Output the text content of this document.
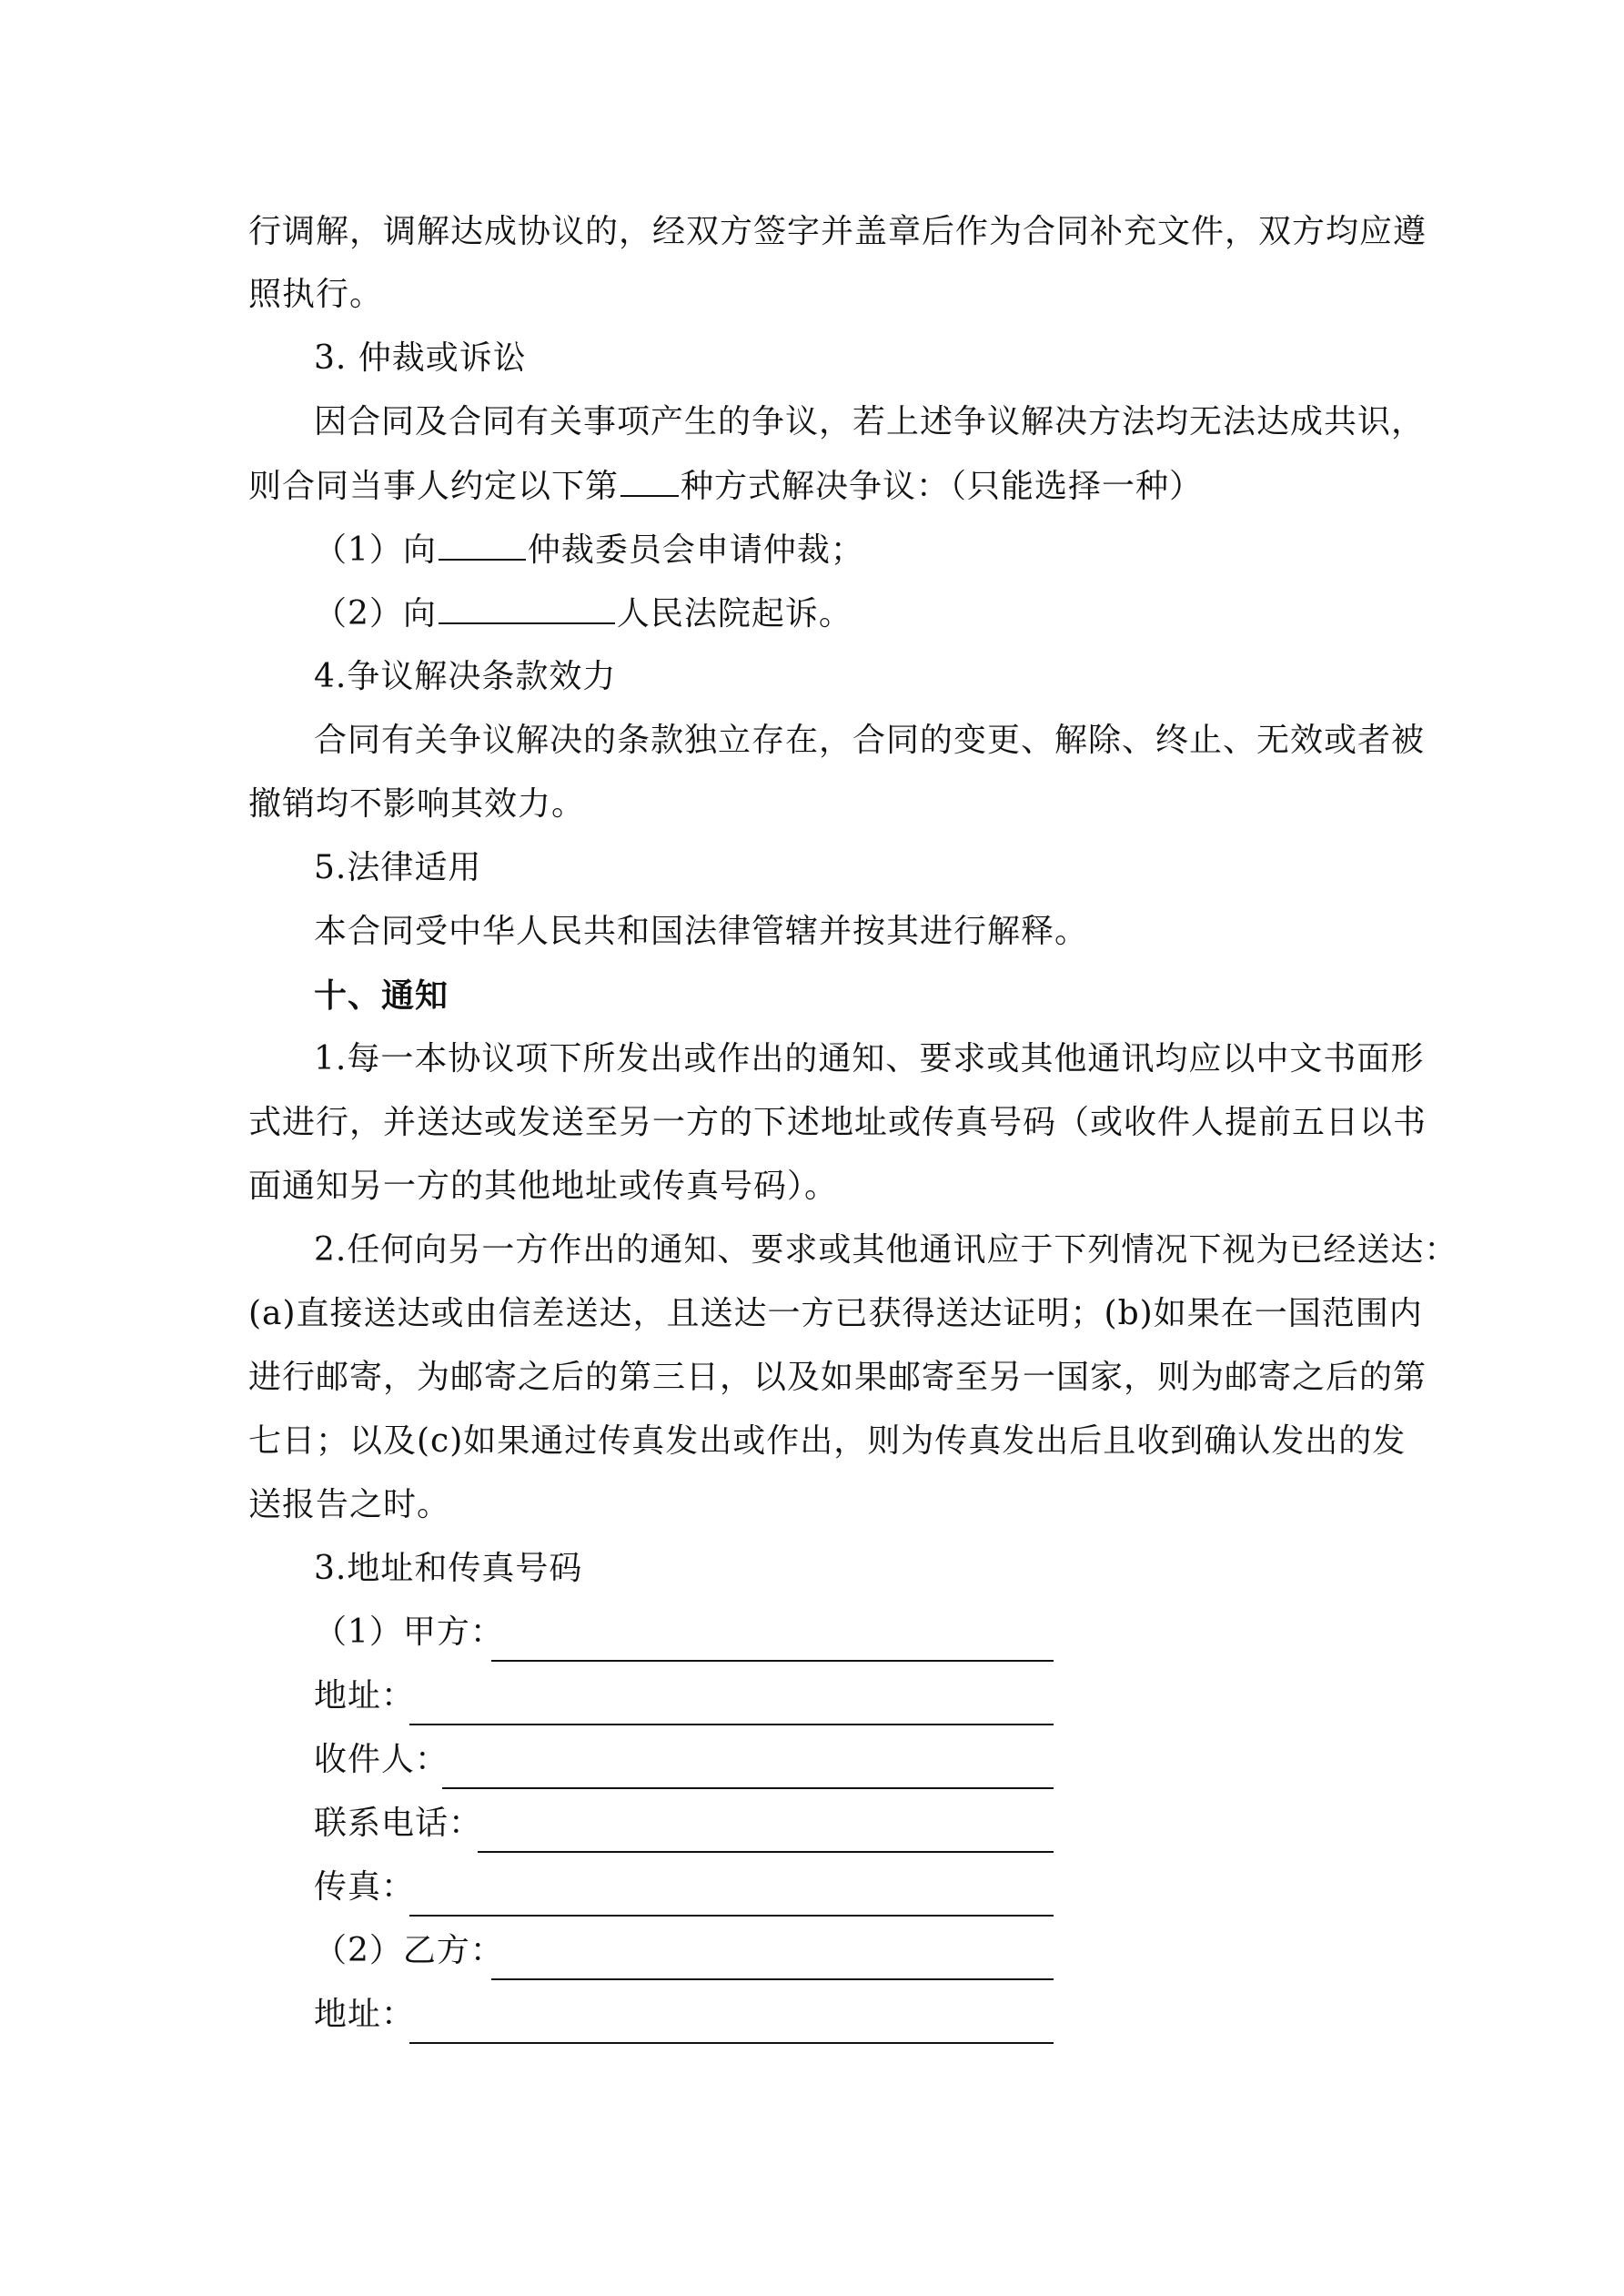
行调解，调解达成协议的，经双方签字并盖章后作为合同补充文件，双方均应遵
照执行。
3. 仲裁或诉讼
因合同及合同有关事项产生的争议，若上述争议解决方法均无法达成共识，
则合同当事人约定以下第 种方式解决争议：（只能选择一种）
（1）向	仲裁委员会申请仲裁；
（2）向	人民法院起诉。
4.争议解决条款效力
合同有关争议解决的条款独立存在，合同的变更、解除、终止、无效或者被
撤销均不影响其效力。
5.法律适用
本合同受中华人民共和国法律管辖并按其进行解释。
十、通知
1.每一本协议项下所发出或作出的通知、要求或其他通讯均应以中文书面形
式进行，并送达或发送至另一方的下述地址或传真号码（或收件人提前五日以书
面通知另一方的其他地址或传真号码）。
2.任何向另一方作出的通知、要求或其他通讯应于下列情况下视为已经送达：
(a)直接送达或由信差送达，且送达一方已获得送达证明；(b)如果在一国范围内
进行邮寄，为邮寄之后的第三日，以及如果邮寄至另一国家，则为邮寄之后的第
七日；以及(c)如果通过传真发出或作出，则为传真发出后且收到确认发出的发
送报告之时。
3.地址和传真号码
（1）甲方：
地址：
收件人：
联系电话：
传真：
（2）乙方：
地址：
